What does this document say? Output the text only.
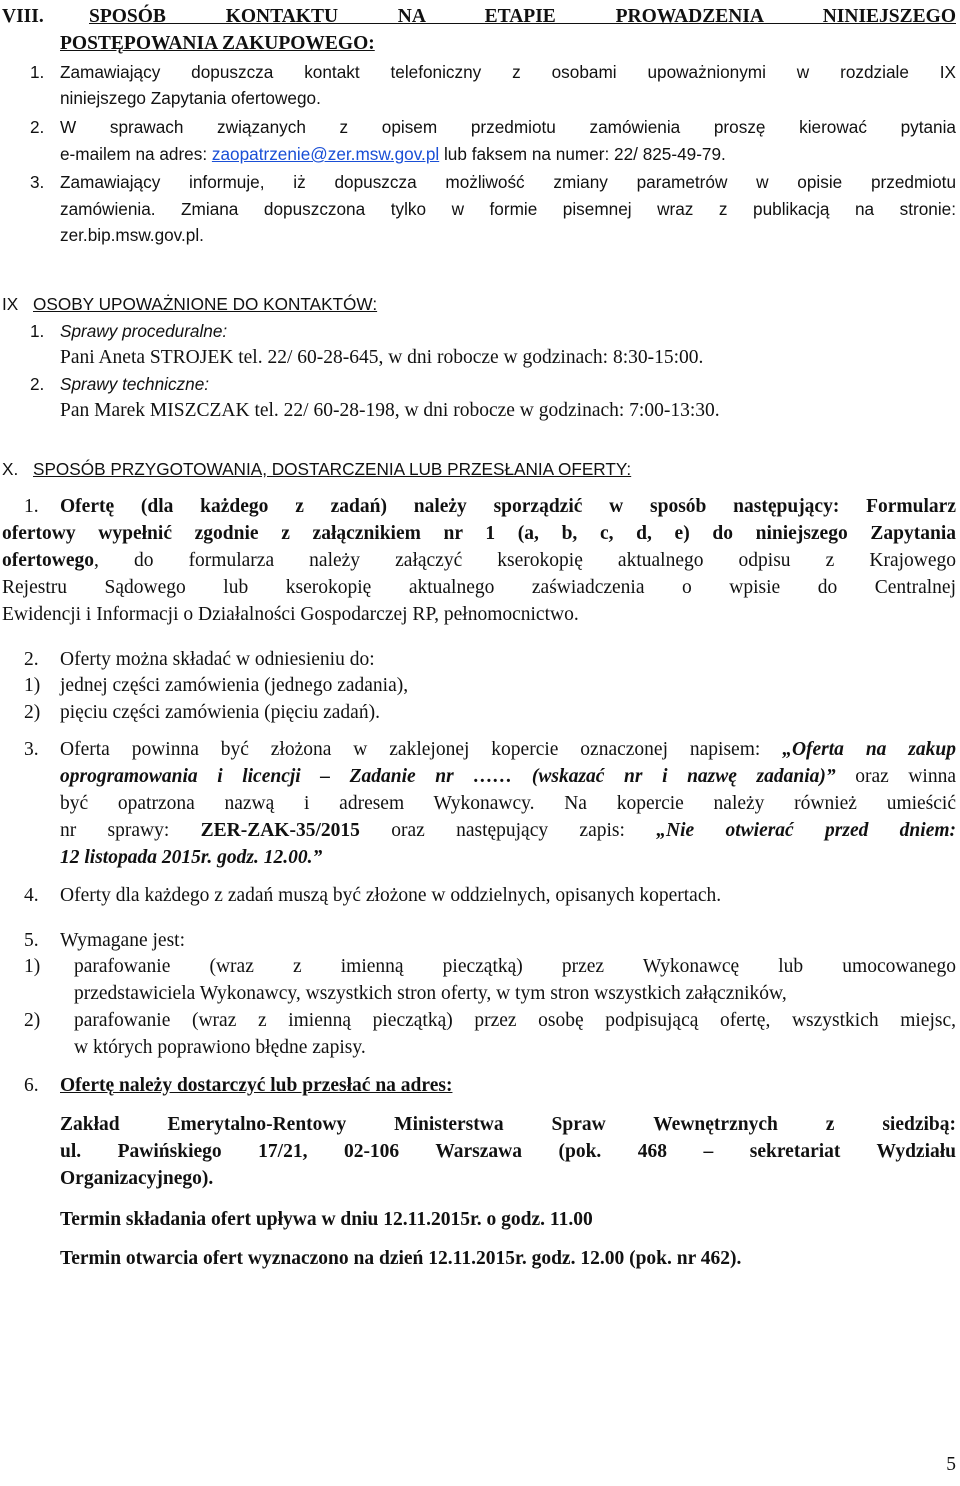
VIII. SPOSÓB KONTAKTU NA ETAPIE PROWADZENIA NINIEJSZEGO
POSTĘPOWANIA ZAKUPOWEGO:
1. Zamawiający dopuszcza kontakt telefoniczny z osobami upoważnionymi w rozdziale IX
niniejszego Zapytania ofertowego.
2. W sprawach związanych z opisem przedmiotu zamówienia proszę kierować pytania
e-mailem na adres: zaopatrzenie@zer.msw.gov.pl lub faksem na numer: 22/ 825-49-79.
3. Zamawiający informuje, iż dopuszcza możliwość zmiany parametrów w opisie przedmiotu
zamówienia. Zmiana dopuszczona tylko w formie pisemnej wraz z publikacją na stronie:
zer.bip.msw.gov.pl.
IX OSOBY UPOWAŻNIONE DO KONTAKTÓW:
1. Sprawy proceduralne:
Pani Aneta STROJEK tel. 22/ 60-28-645, w dni robocze w godzinach: 8:30-15:00.
2. Sprawy techniczne:
Pan Marek MISZCZAK tel. 22/ 60-28-198, w dni robocze w godzinach: 7:00-13:30.
X. SPOSÓB PRZYGOTOWANIA, DOSTARCZENIA LUB PRZESŁANIA OFERTY:
1. Ofertę (dla każdego z zadań) należy sporządzić w sposób następujący: Formularz
ofertowy wypełnić zgodnie z załącznikiem nr 1 (a, b, c, d, e) do niniejszego Zapytania
ofertowego, do formularza należy załączyć kserokopię aktualnego odpisu z Krajowego
Rejestru Sądowego lub kserokopię aktualnego zaświadczenia o wpisie do Centralnej
Ewidencji i Informacji o Działalności Gospodarczej RP, pełnomocnictwo.
2. Oferty można składać w odniesieniu do:
1) jednej części zamówienia (jednego zadania),
2) pięciu części zamówienia (pięciu zadań).
3. Oferta powinna być złożona w zaklejonej kopercie oznaczonej napisem: „Oferta na zakup
oprogramowania i licencji – Zadanie nr …… (wskazać nr i nazwę zadania)” oraz winna
być opatrzona nazwą i adresem Wykonawcy. Na kopercie należy również umieścić
nr sprawy: ZER-ZAK-35/2015 oraz następujący zapis: „Nie otwierać przed dniem:
12 listopada 2015r. godz. 12.00.”
4. Oferty dla każdego z zadań muszą być złożone w oddzielnych, opisanych kopertach.
5. Wymagane jest:
1) parafowanie (wraz z imienną pieczątką) przez Wykonawcę lub umocowanego
przedstawiciela Wykonawcy, wszystkich stron oferty, w tym stron wszystkich załączników,
2) parafowanie (wraz z imienną pieczątką) przez osobę podpisującą ofertę, wszystkich miejsc,
w których poprawiono błędne zapisy.
6. Ofertę należy dostarczyć lub przesłać na adres:
Zakład Emerytalno-Rentowy Ministerstwa Spraw Wewnętrznych z siedzibą:
ul. Pawińskiego 17/21, 02-106 Warszawa (pok. 468 – sekretariat Wydziału
Organizacyjnego).
Termin składania ofert upływa w dniu 12.11.2015r. o godz. 11.00
Termin otwarcia ofert wyznaczono na dzień 12.11.2015r. godz. 12.00 (pok. nr 462).
5
